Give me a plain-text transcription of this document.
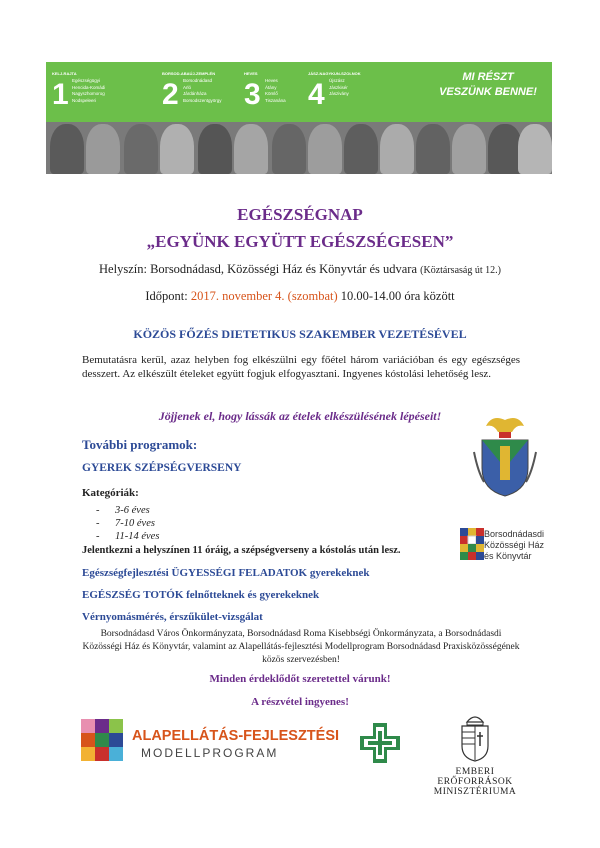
KELJ-RAJTA
1 Egészségügyi
Hencida-Komádi
Nagyszhomorog
Nodspeleeri
BORSOD-ABAÚJ-ZEMPLÉN
2 Borsodnádasd
Arló
Járdánháza
Borsodszentgyörgy
HEVES
3 Heves
Átány
Kömlő
Tiszanána
JÁSZ-NAGYKUN-SZOLNOK
4 Újszász
Jászkisér
Jászivány
MI RÉSZT
VESZÜNK BENNE!
EGÉSZSÉGNAP
„EGYÜNK EGYÜTT EGÉSZSÉGESEN”
Helyszín: Borsodnádasd, Közösségi Ház és Könyvtár és udvara (Köztársaság út 12.)
Időpont: 2017. november 4. (szombat) 10.00-14.00 óra között
KÖZÖS FŐZÉS DIETETIKUS SZAKEMBER VEZETÉSÉVEL
Bemutatásra kerül, azaz helyben fog elkészülni egy főétel három variációban és egy egészséges desszert. Az elkészült ételeket együtt fogjuk elfogyasztani. Ingyenes kóstolási lehetőség lesz.
Jöjjenek el, hogy lássák az ételek elkészülésének lépéseit!
További programok:
GYEREK SZÉPSÉGVERSENY
Kategóriák:
- 3-6 éves
- 7-10 éves
- 11-14 éves
Jelentkezni a helyszínen 11 óráig, a szépségverseny a kóstolás után lesz.
Egészségfejlesztési ÜGYESSÉGI FELADATOK gyerekeknek
EGÉSZSÉG TOTÓK felnőtteknek és gyerekeknek
Vérnyomásmérés, érszűkület-vizsgálat
Borsodnádasd Város Önkormányzata, Borsodnádasd Roma Kisebbségi Önkormányzata, a Borsodnádasdi Közösségi Ház és Könyvtár, valamint az Alapellátás-fejlesztési Modellprogram Borsodnádasd Praxisközösségének közös szervezésben!
Minden érdeklődőt szeretettel várunk!
A részvétel ingyenes!
Borsodnádasdi
Közösségi Ház
és Könyvtár
ALAPELLÁTÁS-FEJLESZTÉSI
MODELLPROGRAM
EMBERI ERŐFORRÁSOK
MINISZTÉRIUMA
